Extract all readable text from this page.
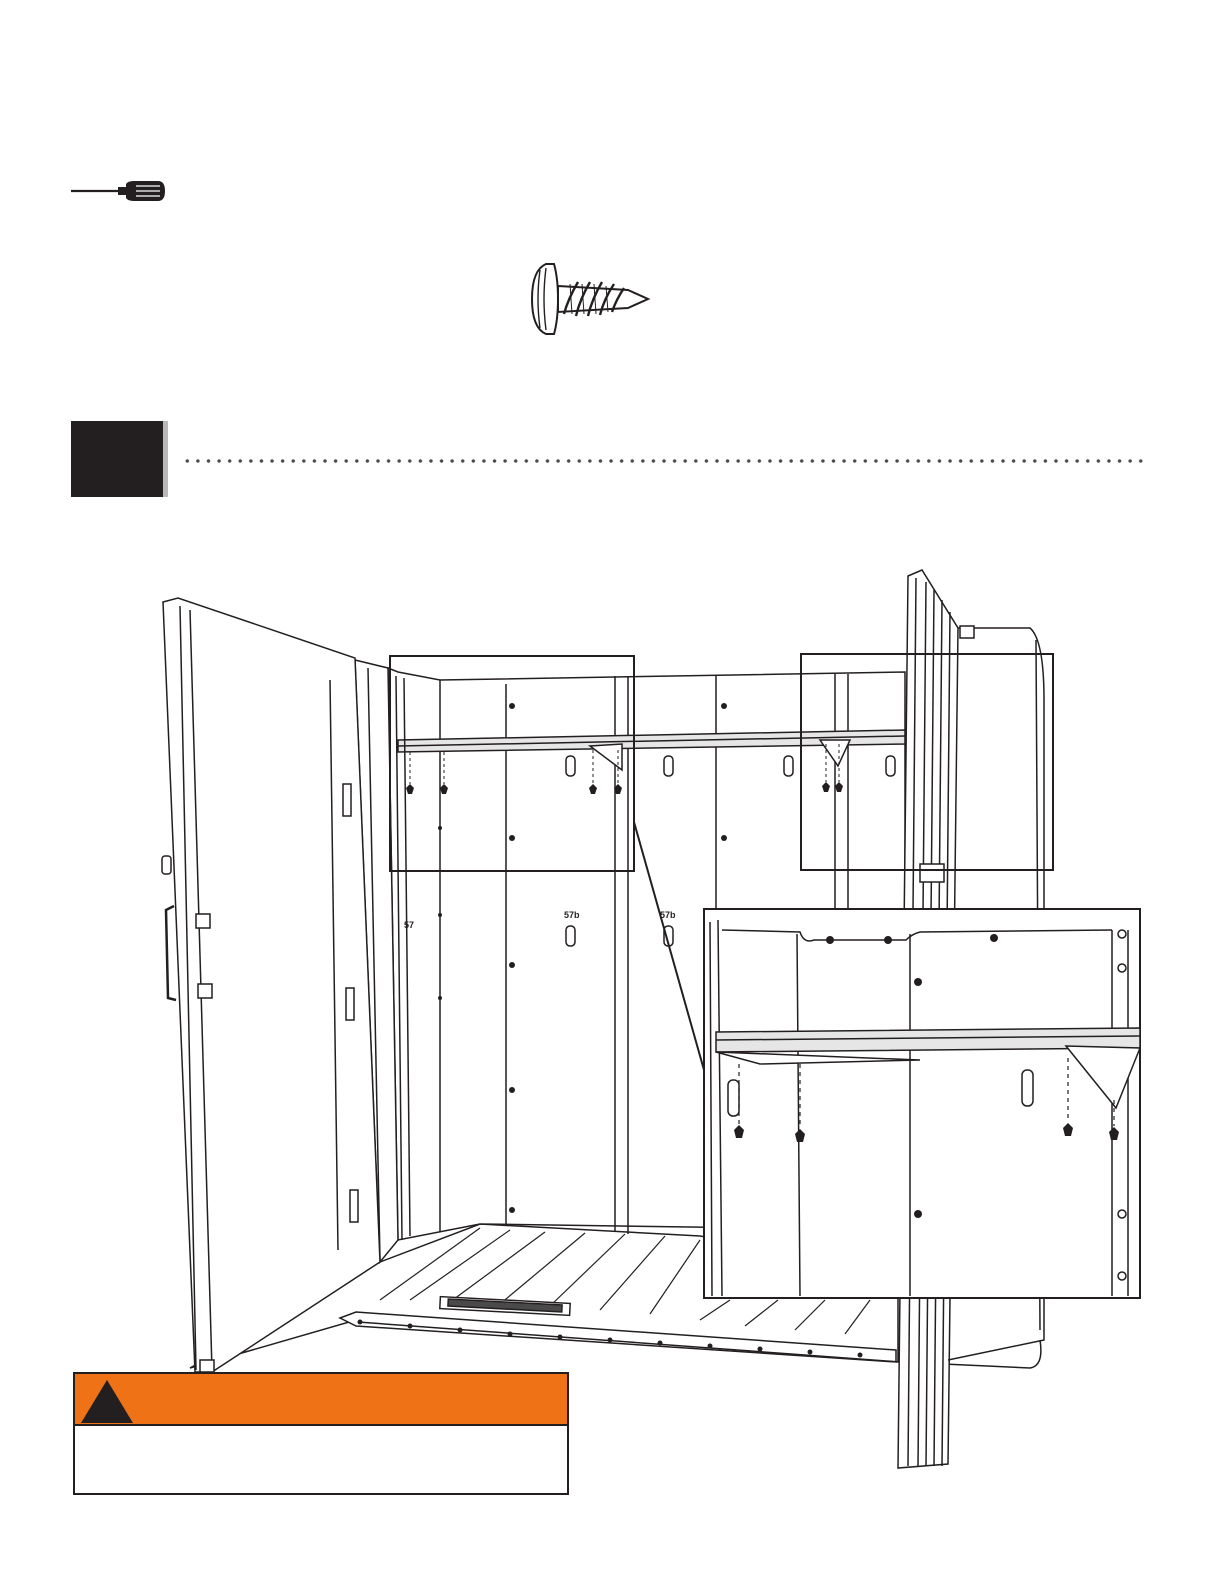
57b	57b
57
